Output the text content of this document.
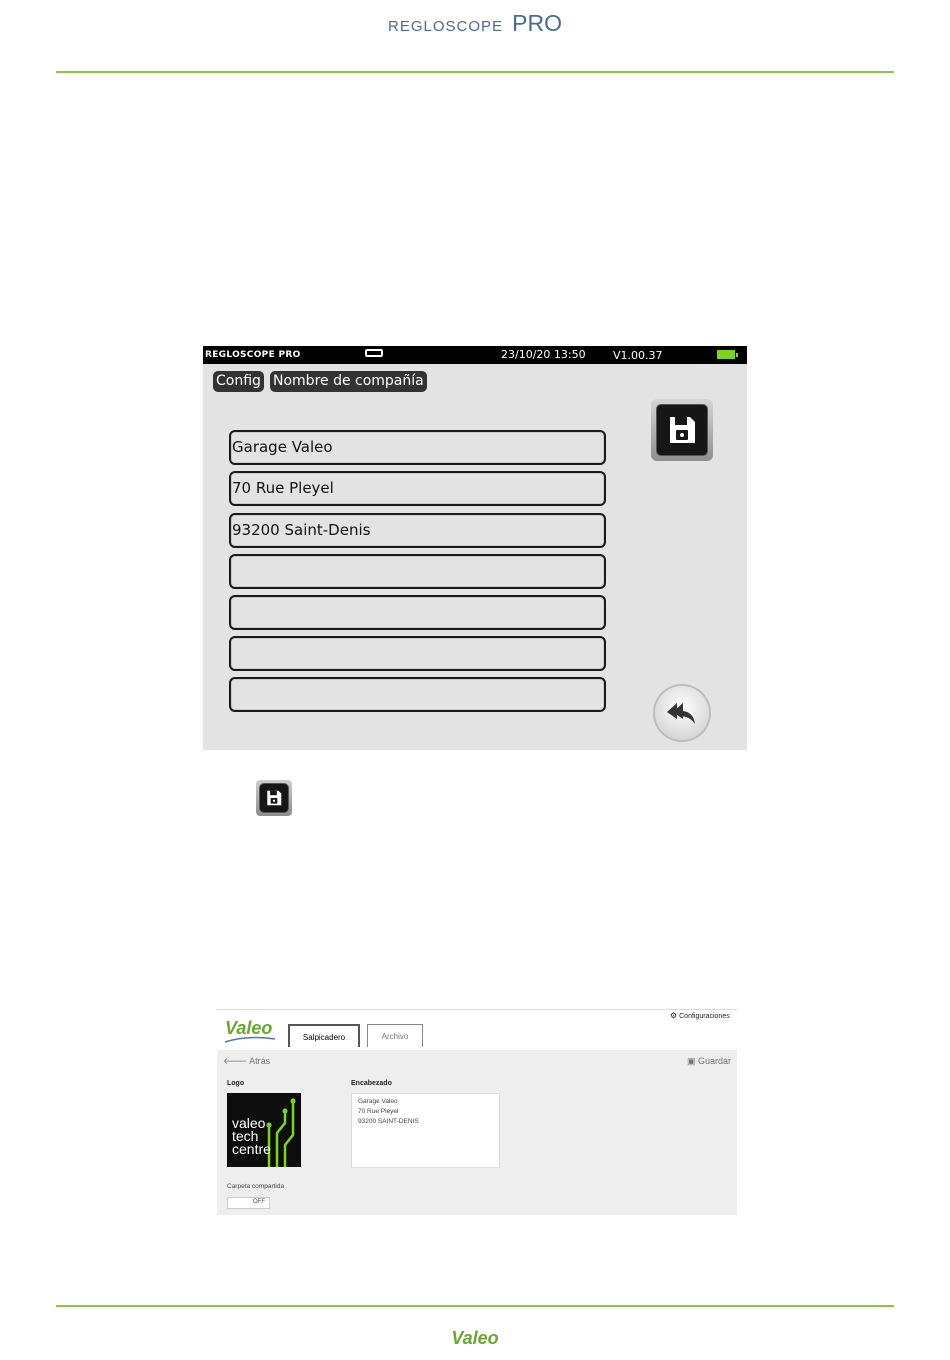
REGLOSCOPE PRO
REGLOSCOPE PRO	23/10/20 13:50 V1.00.37
Config Nombre de compañía
Garage Valeo
70 Rue Pleyel
93200 Saint-Denis
Valeo
⚙ Configuraciones
Salpicadero	Archivo
🡐 Atrás	▣ Guardar
Logo	Encabezado
valeo
tech
centre
Garage Valeo
70 Rue Pleyel
93200 SAINT-DENIS
Carpeta compartida
OFF
Valeo
